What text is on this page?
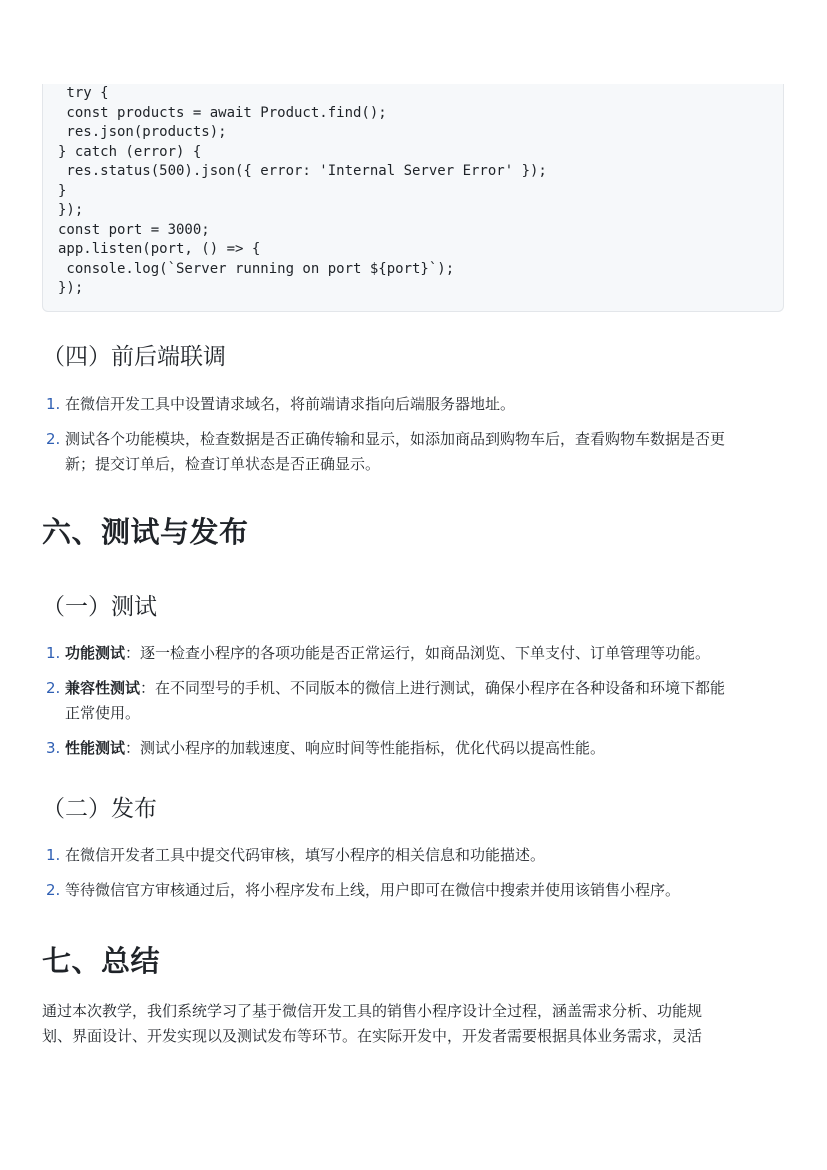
try {
const products = await Product.find();
res.json(products);
} catch (error) {
res.status(500).json({ error: 'Internal Server Error' });
}
});
const port = 3000;
app.listen(port, () => {
console.log(`Server running on port ${port}`);
});
（四）前后端联调
1. 在微信开发工具中设置请求域名，将前端请求指向后端服务器地址。
2. 测试各个功能模块，检查数据是否正确传输和显示，如添加商品到购物车后，查看购物车数据是否更
新；提交订单后，检查订单状态是否正确显示。
六、测试与发布
（一）测试
1. 功能测试：逐一检查小程序的各项功能是否正常运行，如商品浏览、下单支付、订单管理等功能。
2. 兼容性测试：在不同型号的手机、不同版本的微信上进行测试，确保小程序在各种设备和环境下都能
正常使用。
3. 性能测试：测试小程序的加载速度、响应时间等性能指标，优化代码以提高性能。
（二）发布
1. 在微信开发者工具中提交代码审核，填写小程序的相关信息和功能描述。
2. 等待微信官方审核通过后，将小程序发布上线，用户即可在微信中搜索并使用该销售小程序。
七、总结
通过本次教学，我们系统学习了基于微信开发工具的销售小程序设计全过程，涵盖需求分析、功能规
划、界面设计、开发实现以及测试发布等环节。在实际开发中，开发者需要根据具体业务需求，灵活
